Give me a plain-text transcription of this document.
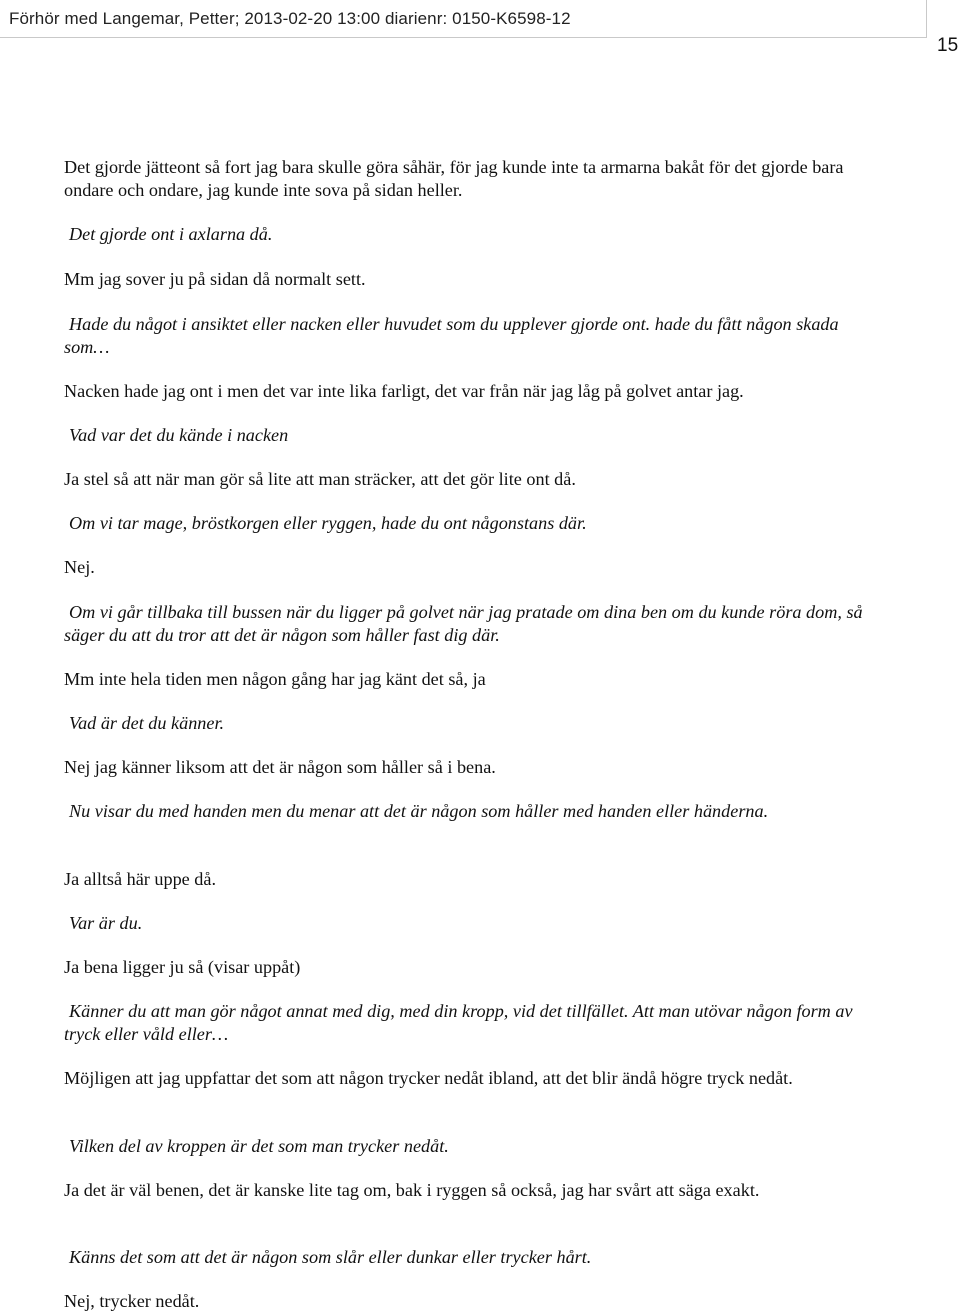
Förhör med Langemar, Petter; 2013-02-20 13:00 diarienr: 0150-K6598-12
15

Det gjorde jätteont så fort jag bara skulle göra såhär, för jag kunde inte ta armarna bakåt för det gjorde bara ondare och ondare, jag kunde inte sova på sidan heller.

Det gjorde ont i axlarna då.

Mm jag sover ju på sidan då normalt sett.

Hade du något i ansiktet eller nacken eller huvudet som du upplever gjorde ont. hade du fått någon skada som…

Nacken hade jag ont i men det var inte lika farligt, det var från när jag låg på golvet antar jag.

Vad var det du kände i nacken

Ja stel så att när man gör så lite att man sträcker, att det gör lite ont då.

Om vi tar mage, bröstkorgen eller ryggen, hade du ont någonstans där.

Nej.

Om vi går tillbaka till bussen när du ligger på golvet när jag pratade om dina ben om du kunde röra dom, så säger du att du tror att det är någon som håller fast dig där.

Mm inte hela tiden men någon gång har jag känt det så, ja

Vad är det du känner.

Nej jag känner liksom att det är någon som håller så i bena.

Nu visar du med handen men du menar att det är någon som håller med handen eller händerna.

Ja alltså här uppe då.

Var är du.

Ja bena ligger ju så (visar uppåt)

Känner du att man gör något annat med dig, med din kropp, vid det tillfället. Att man utövar någon form av tryck eller våld eller…

Möjligen att jag uppfattar det som att någon trycker nedåt ibland, att det blir ändå högre tryck nedåt.

Vilken del av kroppen är det som man trycker nedåt.

Ja det är väl benen, det är kanske lite tag om, bak i ryggen så också, jag har svårt att säga exakt.

Känns det som att det är någon som slår eller dunkar eller trycker hårt.

Nej, trycker nedåt.
